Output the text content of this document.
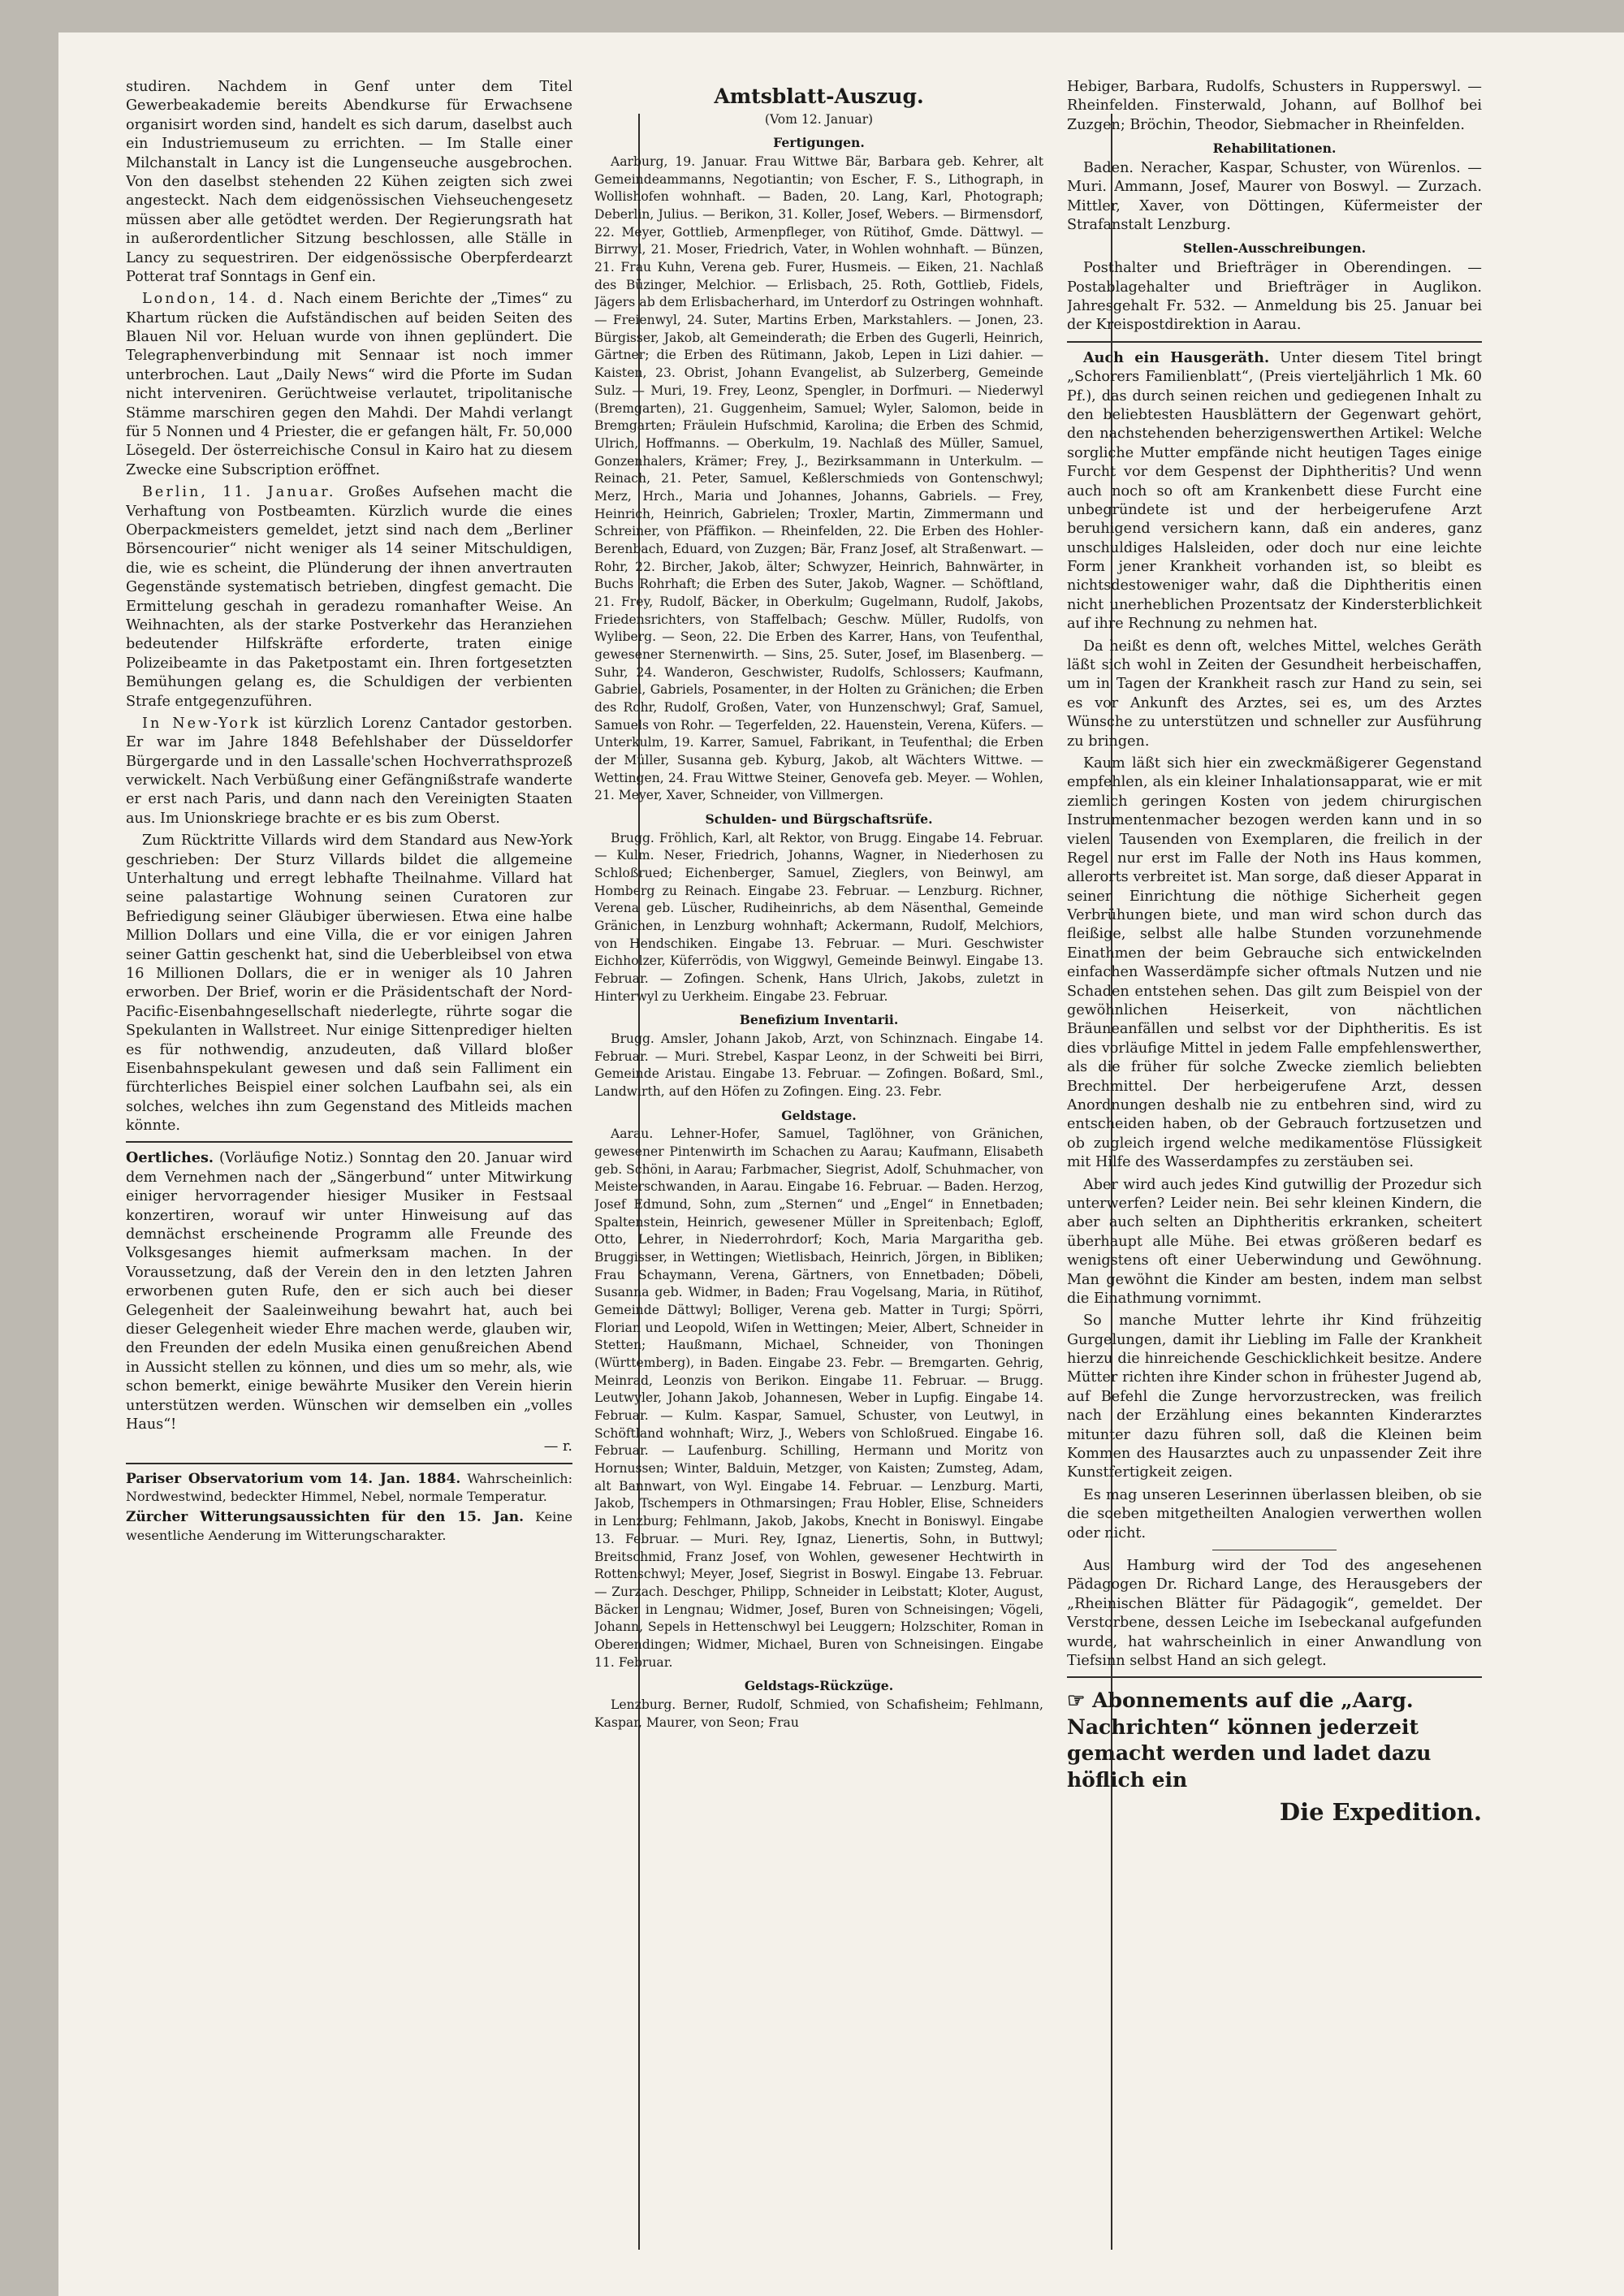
studiren. Nachdem in Genf unter dem Titel Gewerbeakademie bereits Abendkurse für Erwachsene organisirt worden sind, handelt es sich darum, daselbst auch ein Industriemuseum zu errichten. — Im Stalle einer Milchanstalt in Lancy ist die Lungenseuche ausgebrochen. Von den daselbst stehenden 22 Kühen zeigten sich zwei angesteckt. Nach dem eidgenössischen Viehseuchengesetz müssen aber alle getödtet werden. Der Regierungsrath hat in außerordentlicher Sitzung beschlossen, alle Ställe in Lancy zu sequestriren. Der eidgenössische Oberpferdearzt Potterat traf Sonntags in Genf ein.

London, 14. d. Nach einem Berichte der „Times“ zu Khartum rücken die Aufständischen auf beiden Seiten des Blauen Nil vor. Heluan wurde von ihnen geplündert. Die Telegraphenverbindung mit Sennaar ist noch immer unterbrochen. Laut „Daily News“ wird die Pforte im Sudan nicht interveniren. Gerüchtweise verlautet, tripolitanische Stämme marschiren gegen den Mahdi. Der Mahdi verlangt für 5 Nonnen und 4 Priester, die er gefangen hält, Fr. 50,000 Lösegeld. Der österreichische Consul in Kairo hat zu diesem Zwecke eine Subscription eröffnet.

Berlin, 11. Januar. Großes Aufsehen macht die Verhaftung von Postbeamten. Kürzlich wurde die eines Oberpackmeisters gemeldet, jetzt sind nach dem „Berliner Börsencourier“ nicht weniger als 14 seiner Mitschuldigen, die, wie es scheint, die Plünderung der ihnen anvertrauten Gegenstände systematisch betrieben, dingfest gemacht. Die Ermittelung geschah in geradezu romanhafter Weise. An Weihnachten, als der starke Postverkehr das Heranziehen bedeutender Hilfskräfte erforderte, traten einige Polizeibeamte in das Paketpostamt ein. Ihren fortgesetzten Bemühungen gelang es, die Schuldigen der verbienten Strafe entgegenzuführen.

In New-York ist kürzlich Lorenz Cantador gestorben. Er war im Jahre 1848 Befehlshaber der Düsseldorfer Bürgergarde und in den Lassalle'schen Hochverrathsprozeß verwickelt. Nach Verbüßung einer Gefängnißstrafe wanderte er erst nach Paris, und dann nach den Vereinigten Staaten aus. Im Unionskriege brachte er es bis zum Oberst.

Zum Rücktritte Villards wird dem Standard aus New-York geschrieben: Der Sturz Villards bildet die allgemeine Unterhaltung und erregt lebhafte Theilnahme. Villard hat seine palastartige Wohnung seinen Curatoren zur Befriedigung seiner Gläubiger überwiesen. Etwa eine halbe Million Dollars und eine Villa, die er vor einigen Jahren seiner Gattin geschenkt hat, sind die Ueberbleibsel von etwa 16 Millionen Dollars, die er in weniger als 10 Jahren erworben. Der Brief, worin er die Präsidentschaft der Nord-Pacific-Eisenbahngesellschaft niederlegte, rührte sogar die Spekulanten in Wallstreet. Nur einige Sittenprediger hielten es für nothwendig, anzudeuten, daß Villard bloßer Eisenbahnspekulant gewesen und daß sein Falliment ein fürchterliches Beispiel einer solchen Laufbahn sei, als ein solches, welches ihn zum Gegenstand des Mitleids machen könnte.

Oertliches. (Vorläufige Notiz.) Sonntag den 20. Januar wird dem Vernehmen nach der „Sängerbund“ unter Mitwirkung einiger hervorragender hiesiger Musiker in Festsaal konzertiren, worauf wir unter Hinweisung auf das demnächst erscheinende Programm alle Freunde des Volksgesanges hiemit aufmerksam machen. In der Voraussetzung, daß der Verein den in den letzten Jahren erworbenen guten Rufe, den er sich auch bei dieser Gelegenheit der Saaleinweihung bewahrt hat, auch bei dieser Gelegenheit wieder Ehre machen werde, glauben wir, den Freunden der edeln Musika einen genußreichen Abend in Aussicht stellen zu können, und dies um so mehr, als, wie schon bemerkt, einige bewährte Musiker den Verein hierin unterstützen werden. Wünschen wir demselben ein „volles Haus“!

— r.

Pariser Observatorium vom 14. Jan. 1884. Wahrscheinlich: Nordwestwind, bedeckter Himmel, Nebel, normale Temperatur.

Zürcher Witterungsaussichten für den 15. Jan. Keine wesentliche Aenderung im Witterungscharakter.

Amtsblatt-Auszug.
(Vom 12. Januar)
Fertigungen.

Aarburg, 19. Januar. Frau Wittwe Bär, Barbara geb. Kehrer, alt Gemeindeammanns, Negotiantin; von Escher, F. S., Lithograph, in Wollishofen wohnhaft. — Baden, 20. Lang, Karl, Photograph; Deberlin, Julius. — Berikon, 31. Koller, Josef, Webers. — Birmensdorf, 22. Meyer, Gottlieb, Armenpfleger, von Rütihof, Gmde. Dättwyl. — Birrwyl, 21. Moser, Friedrich, Vater, in Wohlen wohnhaft. — Bünzen, 21. Frau Kuhn, Verena geb. Furer, Husmeis. — Eiken, 21. Nachlaß des Büzinger, Melchior. — Erlisbach, 25. Roth, Gottlieb, Fidels, Jägers ab dem Erlisbacherhard, im Unterdorf zu Ostringen wohnhaft. — Freienwyl, 24. Suter, Martins Erben, Markstahlers. — Jonen, 23. Bürgisser, Jakob, alt Gemeinderath; die Erben des Gugerli, Heinrich, Gärtner; die Erben des Rütimann, Jakob, Lepen in Lizi dahier. — Kaisten, 23. Obrist, Johann Evangelist, ab Sulzerberg, Gemeinde Sulz. — Muri, 19. Frey, Leonz, Spengler, in Dorfmuri. — Niederwyl (Bremgarten), 21. Guggenheim, Samuel; Wyler, Salomon, beide in Bremgarten; Fräulein Hufschmid, Karolina; die Erben des Schmid, Ulrich, Hoffmanns. — Oberkulm, 19. Nachlaß des Müller, Samuel, Gonzenhalers, Krämer; Frey, J., Bezirksammann in Unterkulm. — Reinach, 21. Peter, Samuel, Keßlerschmieds von Gontenschwyl; Merz, Hrch., Maria und Johannes, Johanns, Gabriels. — Frey, Heinrich, Heinrich, Gabrielen; Troxler, Martin, Zimmermann und Schreiner, von Pfäffikon. — Rheinfelden, 22. Die Erben des Hohler-Berenbach, Eduard, von Zuzgen; Bär, Franz Josef, alt Straßenwart. — Rohr, 22. Bircher, Jakob, älter; Schwyzer, Heinrich, Bahnwärter, in Buchs Rohrhaft; die Erben des Suter, Jakob, Wagner. — Schöftland, 21. Frey, Rudolf, Bäcker, in Oberkulm; Gugelmann, Rudolf, Jakobs, Friedensrichters, von Staffelbach; Geschw. Müller, Rudolfs, von Wyliberg. — Seon, 22. Die Erben des Karrer, Hans, von Teufenthal, gewesener Sternenwirth. — Sins, 25. Suter, Josef, im Blasenberg. — Suhr, 24. Wanderon, Geschwister, Rudolfs, Schlossers; Kaufmann, Gabriel, Gabriels, Posamenter, in der Holten zu Gränichen; die Erben des Rohr, Rudolf, Großen, Vater, von Hunzenschwyl; Graf, Samuel, Samuels von Rohr. — Tegerfelden, 22. Hauenstein, Verena, Küfers. — Unterkulm, 19. Karrer, Samuel, Fabrikant, in Teufenthal; die Erben der Müller, Susanna geb. Kyburg, Jakob, alt Wächters Wittwe. — Wettingen, 24. Frau Wittwe Steiner, Genovefa geb. Meyer. — Wohlen, 21. Meyer, Xaver, Schneider, von Villmergen.

Schulden- und Bürgschaftsrüfe.

Brugg. Fröhlich, Karl, alt Rektor, von Brugg. Eingabe 14. Februar. — Kulm. Neser, Friedrich, Johanns, Wagner, in Niederhosen zu Schloßrued; Eichenberger, Samuel, Zieglers, von Beinwyl, am Homberg zu Reinach. Eingabe 23. Februar. — Lenzburg. Richner, Verena geb. Lüscher, Rudiheinrichs, ab dem Näsenthal, Gemeinde Gränichen, in Lenzburg wohnhaft; Ackermann, Rudolf, Melchiors, von Hendschiken. Eingabe 13. Februar. — Muri. Geschwister Eichholzer, Küferrödis, von Wiggwyl, Gemeinde Beinwyl. Eingabe 13. Februar. — Zofingen. Schenk, Hans Ulrich, Jakobs, zuletzt in Hinterwyl zu Uerkheim. Eingabe 23. Februar.

Benefizium Inventarii.

Brugg. Amsler, Johann Jakob, Arzt, von Schinznach. Eingabe 14. Februar. — Muri. Strebel, Kaspar Leonz, in der Schweiti bei Birri, Gemeinde Aristau. Eingabe 13. Februar. — Zofingen. Boßard, Sml., Landwirth, auf den Höfen zu Zofingen. Eing. 23. Febr.

Geldstage.

Aarau. Lehner-Hofer, Samuel, Taglöhner, von Gränichen, gewesener Pintenwirth im Schachen zu Aarau; Kaufmann, Elisabeth geb. Schöni, in Aarau; Farbmacher, Siegrist, Adolf, Schuhmacher, von Meisterschwanden, in Aarau. Eingabe 16. Februar. — Baden. Herzog, Josef Edmund, Sohn, zum „Sternen“ und „Engel“ in Ennetbaden; Spaltenstein, Heinrich, gewesener Müller in Spreitenbach; Egloff, Otto, Lehrer, in Niederrohrdorf; Koch, Maria Margaritha geb. Bruggisser, in Wettingen; Wietlisbach, Heinrich, Jörgen, in Bibliken; Frau Schaymann, Verena, Gärtners, von Ennetbaden; Döbeli, Susanna geb. Widmer, in Baden; Frau Vogelsang, Maria, in Rütihof, Gemeinde Dättwyl; Bolliger, Verena geb. Matter in Turgi; Spörri, Florian und Leopold, Wiſen in Wettingen; Meier, Albert, Schneider in Stetten; Haußmann, Michael, Schneider, von Thoningen (Württemberg), in Baden. Eingabe 23. Febr. — Bremgarten. Gehrig, Meinrad, Leonzis von Berikon. Eingabe 11. Februar. — Brugg. Leutwyler, Johann Jakob, Johannesen, Weber in Lupfig. Eingabe 14. Februar. — Kulm. Kaspar, Samuel, Schuster, von Leutwyl, in Schöftland wohnhaft; Wirz, J., Webers von Schloßrued. Eingabe 16. Februar. — Laufenburg. Schilling, Hermann und Moritz von Hornussen; Winter, Balduin, Metzger, von Kaisten; Zumsteg, Adam, alt Bannwart, von Wyl. Eingabe 14. Februar. — Lenzburg. Marti, Jakob, Tschempers in Othmarsingen; Frau Hobler, Elise, Schneiders in Lenzburg; Fehlmann, Jakob, Jakobs, Knecht in Boniswyl. Eingabe 13. Februar. — Muri. Rey, Ignaz, Lienertis, Sohn, in Buttwyl; Breitschmid, Franz Josef, von Wohlen, gewesener Hechtwirth in Rottenschwyl; Meyer, Josef, Siegrist in Boswyl. Eingabe 13. Februar. — Zurzach. Deschger, Philipp, Schneider in Leibstatt; Kloter, August, Bäcker in Lengnau; Widmer, Josef, Buren von Schneisingen; Vögeli, Johann, Sepels in Hettenschwyl bei Leuggern; Holzschiter, Roman in Oberendingen; Widmer, Michael, Buren von Schneisingen. Eingabe 11. Februar.

Geldstags-Rückzüge.

Lenzburg. Berner, Rudolf, Schmied, von Schafisheim; Fehlmann, Kaspar, Maurer, von Seon; Frau

Hebiger, Barbara, Rudolfs, Schusters in Rupperswyl. — Rheinfelden. Finsterwald, Johann, auf Bollhof bei Zuzgen; Bröchin, Theodor, Siebmacher in Rheinfelden.

Rehabilitationen.

Baden. Neracher, Kaspar, Schuster, von Würenlos. — Muri. Ammann, Josef, Maurer von Boswyl. — Zurzach. Mittler, Xaver, von Döttingen, Küfermeister der Strafanstalt Lenzburg.

Stellen-Ausschreibungen.

Posthalter und Briefträger in Oberendingen. — Postablagehalter und Briefträger in Auglikon. Jahresgehalt Fr. 532. — Anmeldung bis 25. Januar bei der Kreispostdirektion in Aarau.

Auch ein Hausgeräth. Unter diesem Titel bringt „Schorers Familienblatt“, (Preis vierteljährlich 1 Mk. 60 Pf.), das durch seinen reichen und gediegenen Inhalt zu den beliebtesten Hausblättern der Gegenwart gehört, den nachstehenden beherzigenswerthen Artikel: Welche sorgliche Mutter empfände nicht heutigen Tages einige Furcht vor dem Gespenst der Diphtheritis? Und wenn auch noch so oft am Krankenbett diese Furcht eine unbegründete ist und der herbeigerufene Arzt beruhigend versichern kann, daß ein anderes, ganz unschuldiges Halsleiden, oder doch nur eine leichte Form jener Krankheit vorhanden ist, so bleibt es nichtsdestoweniger wahr, daß die Diphtheritis einen nicht unerheblichen Prozentsatz der Kindersterblichkeit auf ihre Rechnung zu nehmen hat.

Da heißt es denn oft, welches Mittel, welches Geräth läßt sich wohl in Zeiten der Gesundheit herbeischaffen, um in Tagen der Krankheit rasch zur Hand zu sein, sei es vor Ankunft des Arztes, sei es, um des Arztes Wünsche zu unterstützen und schneller zur Ausführung zu bringen.

Kaum läßt sich hier ein zweckmäßigerer Gegenstand empfehlen, als ein kleiner Inhalationsapparat, wie er mit ziemlich geringen Kosten von jedem chirurgischen Instrumentenmacher bezogen werden kann und in so vielen Tausenden von Exemplaren, die freilich in der Regel nur erst im Falle der Noth ins Haus kommen, allerorts verbreitet ist. Man sorge, daß dieser Apparat in seiner Einrichtung die nöthige Sicherheit gegen Verbrühungen biete, und man wird schon durch das fleißige, selbst alle halbe Stunden vorzunehmende Einathmen der beim Gebrauche sich entwickelnden einfachen Wasserdämpfe sicher oftmals Nutzen und nie Schaden entstehen sehen. Das gilt zum Beispiel von der gewöhnlichen Heiserkeit, von nächtlichen Bräuneanfällen und selbst vor der Diphtheritis. Es ist dies vorläufige Mittel in jedem Falle empfehlenswerther, als die früher für solche Zwecke ziemlich beliebten Brechmittel. Der herbeigerufene Arzt, dessen Anordnungen deshalb nie zu entbehren sind, wird zu entscheiden haben, ob der Gebrauch fortzusetzen und ob zugleich irgend welche medikamentöse Flüssigkeit mit Hilfe des Wasserdampfes zu zerstäuben sei.

Aber wird auch jedes Kind gutwillig der Prozedur sich unterwerfen? Leider nein. Bei sehr kleinen Kindern, die aber auch selten an Diphtheritis erkranken, scheitert überhaupt alle Mühe. Bei etwas größeren bedarf es wenigstens oft einer Ueberwindung und Gewöhnung. Man gewöhnt die Kinder am besten, indem man selbst die Einathmung vornimmt.

So manche Mutter lehrte ihr Kind frühzeitig Gurgelungen, damit ihr Liebling im Falle der Krankheit hierzu die hinreichende Geschicklichkeit besitze. Andere Mütter richten ihre Kinder schon in frühester Jugend ab, auf Befehl die Zunge hervorzustrecken, was freilich nach der Erzählung eines bekannten Kinderarztes mitunter dazu führen soll, daß die Kleinen beim Kommen des Hausarztes auch zu unpassender Zeit ihre Kunstfertigkeit zeigen.

Es mag unseren Leserinnen überlassen bleiben, ob sie die soeben mitgetheilten Analogien verwerthen wollen oder nicht.

Aus Hamburg wird der Tod des angesehenen Pädagogen Dr. Richard Lange, des Herausgebers der „Rheinischen Blätter für Pädagogik“, gemeldet. Der Verstorbene, dessen Leiche im Isebeckanal aufgefunden wurde, hat wahrscheinlich in einer Anwandlung von Tiefsinn selbst Hand an sich gelegt.

☞ Abonnements auf die „Aarg. Nachrichten“ können jederzeit gemacht werden und ladet dazu höflich ein

Die Expedition.
